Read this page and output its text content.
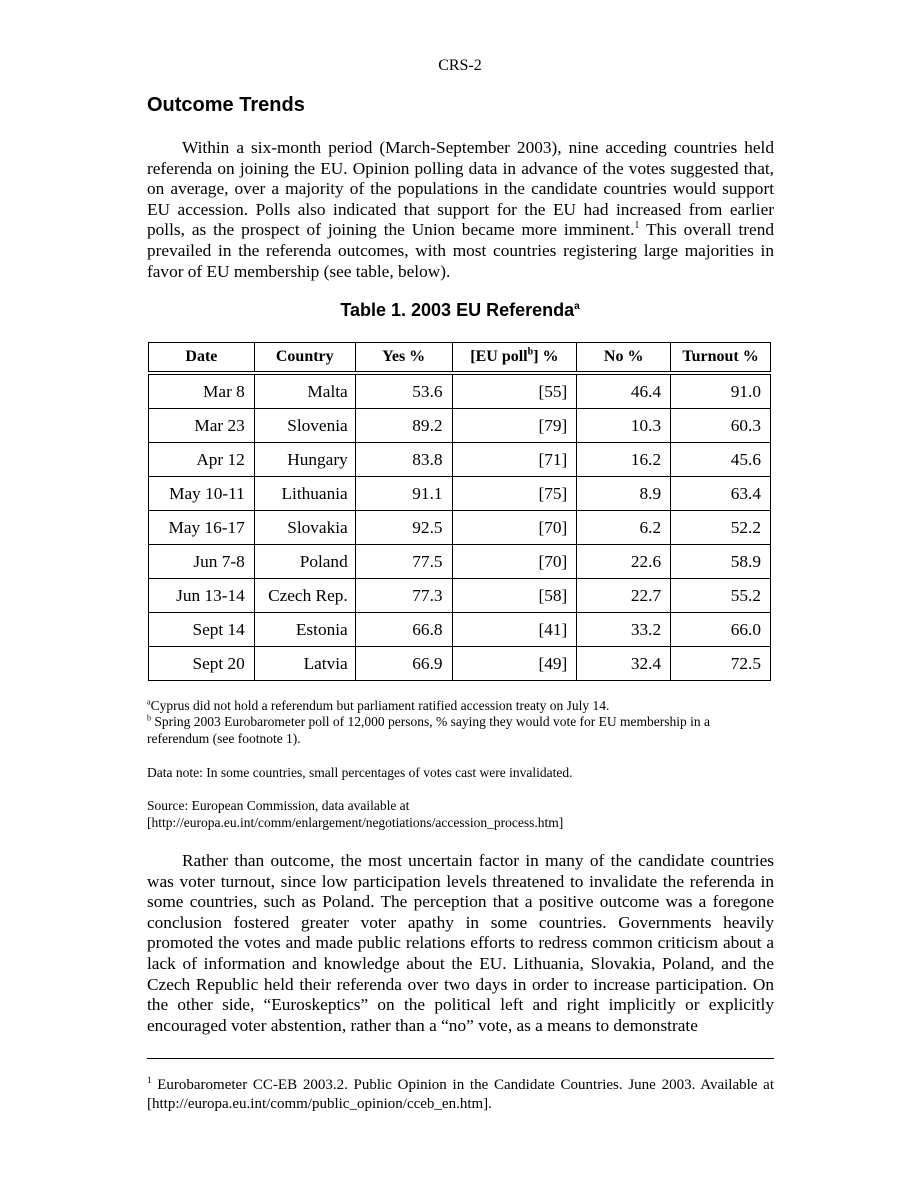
CRS-2
Outcome Trends

Within a six-month period (March-September 2003), nine acceding countries held referenda on joining the EU. Opinion polling data in advance of the votes suggested that, on average, over a majority of the populations in the candidate countries would support EU accession. Polls also indicated that support for the EU had increased from earlier polls, as the prospect of joining the Union became more imminent.$^1$ This overall trend prevailed in the referenda outcomes, with most countries registering large majorities in favor of EU membership (see table, below).

Table 1. 2003 EU Referenda$^a$
Date	Country	Yes %	[EU poll$^b$] %	No %	Turnout %
Mar 8	Malta	53.6	[55]	46.4	91.0
Mar 23	Slovenia	89.2	[79]	10.3	60.3
Apr 12	Hungary	83.8	[71]	16.2	45.6
May 10-11	Lithuania	91.1	[75]	8.9	63.4
May 16-17	Slovakia	92.5	[70]	6.2	52.2
Jun 7-8	Poland	77.5	[70]	22.6	58.9
Jun 13-14	Czech Rep.	77.3	[58]	22.7	55.2
Sept 14	Estonia	66.8	[41]	33.2	66.0
Sept 20	Latvia	66.9	[49]	32.4	72.5

$^a$Cyprus did not hold a referendum but parliament ratified accession treaty on July 14.

$^b$ Spring 2003 Eurobarometer poll of 12,000 persons, % saying they would vote for EU membership in a referendum (see footnote 1).

Data note: In some countries, small percentages of votes cast were invalidated.

Source: European Commission, data available at
[http://europa.eu.int/comm/enlargement/negotiations/accession_process.htm]

Rather than outcome, the most uncertain factor in many of the candidate countries was voter turnout, since low participation levels threatened to invalidate the referenda in some countries, such as Poland. The perception that a positive outcome was a foregone conclusion fostered greater voter apathy in some countries. Governments heavily promoted the votes and made public relations efforts to redress common criticism about a lack of information and knowledge about the EU. Lithuania, Slovakia, Poland, and the Czech Republic held their referenda over two days in order to increase participation. On the other side, “Euroskeptics” on the political left and right implicitly or explicitly encouraged voter abstention, rather than a “no” vote, as a means to demonstrate

$^1$ Eurobarometer CC-EB 2003.2. Public Opinion in the Candidate Countries. June 2003. Available at [http://europa.eu.int/comm/public_opinion/cceb_en.htm].
